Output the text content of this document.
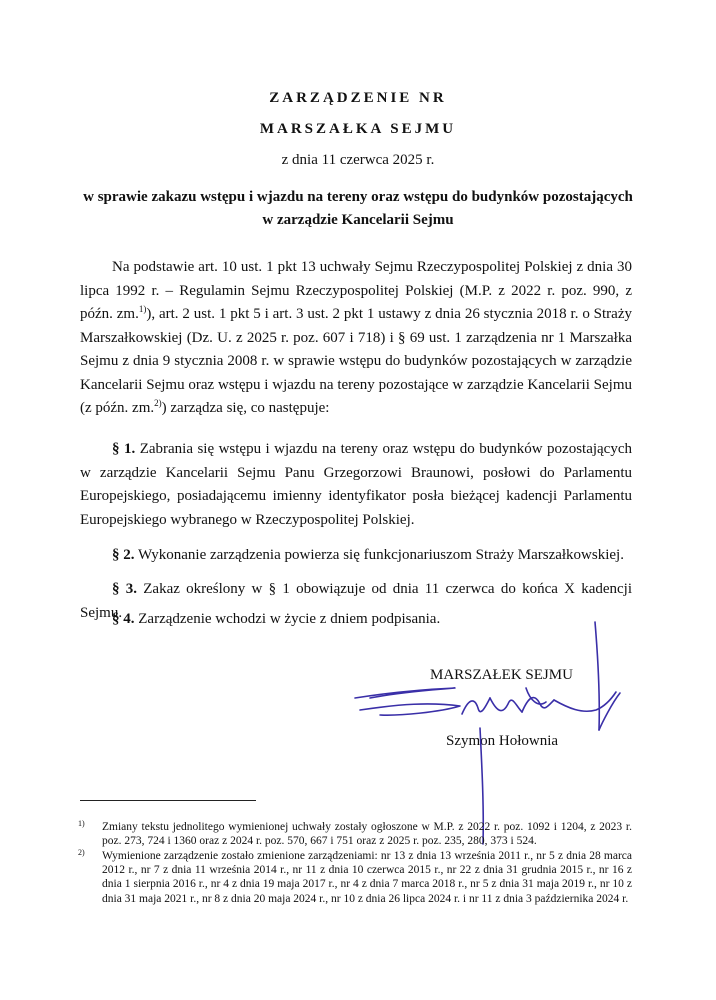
ZARZĄDZENIE NR
MARSZAŁKA SEJMU
z dnia 11 czerwca 2025 r.
w sprawie zakazu wstępu i wjazdu na tereny oraz wstępu do budynków pozostających w zarządzie Kancelarii Sejmu
Na podstawie art. 10 ust. 1 pkt 13 uchwały Sejmu Rzeczypospolitej Polskiej z dnia 30 lipca 1992 r. – Regulamin Sejmu Rzeczypospolitej Polskiej (M.P. z 2022 r. poz. 990, z późn. zm.$^{1)}$), art. 2 ust. 1 pkt 5 i art. 3 ust. 2 pkt 1 ustawy z dnia 26 stycznia 2018 r. o Straży Marszałkowskiej (Dz. U. z 2025 r. poz. 607 i 718) i § 69 ust. 1 zarządzenia nr 1 Marszałka Sejmu z dnia 9 stycznia 2008 r. w sprawie wstępu do budynków pozostających w zarządzie Kancelarii Sejmu oraz wstępu i wjazdu na tereny pozostające w zarządzie Kancelarii Sejmu (z późn. zm.$^{2)}$) zarządza się, co następuje:
§ 1. Zabrania się wstępu i wjazdu na tereny oraz wstępu do budynków pozostających w zarządzie Kancelarii Sejmu Panu Grzegorzowi Braunowi, posłowi do Parlamentu Europejskiego, posiadającemu imienny identyfikator posła bieżącej kadencji Parlamentu Europejskiego wybranego w Rzeczypospolitej Polskiej.
§ 2. Wykonanie zarządzenia powierza się funkcjonariuszom Straży Marszałkowskiej.
§ 3. Zakaz określony w § 1 obowiązuje od dnia 11 czerwca do końca X kadencji Sejmu.
§ 4. Zarządzenie wchodzi w życie z dniem podpisania.
MARSZAŁEK SEJMU
Szymon Hołownia
1)	Zmiany tekstu jednolitego wymienionej uchwały zostały ogłoszone w M.P. z 2022 r. poz. 1092 i 1204, z 2023 r. poz. 273, 724 i 1360 oraz z 2024 r. poz. 570, 667 i 751 oraz z 2025 r. poz. 235, 280, 373 i 524.
2)	Wymienione zarządzenie zostało zmienione zarządzeniami: nr 13 z dnia 13 września 2011 r., nr 5 z dnia 28 marca 2012 r., nr 7 z dnia 11 września 2014 r., nr 11 z dnia 10 czerwca 2015 r., nr 22 z dnia 31 grudnia 2015 r., nr 16 z dnia 1 sierpnia 2016 r., nr 4 z dnia 19 maja 2017 r., nr 4 z dnia 7 marca 2018 r., nr 5 z dnia 31 maja 2019 r., nr 10 z dnia 31 maja 2021 r., nr 8 z dnia 20 maja 2024 r., nr 10 z dnia 26 lipca 2024 r. i nr 11 z dnia 3 października 2024 r.
